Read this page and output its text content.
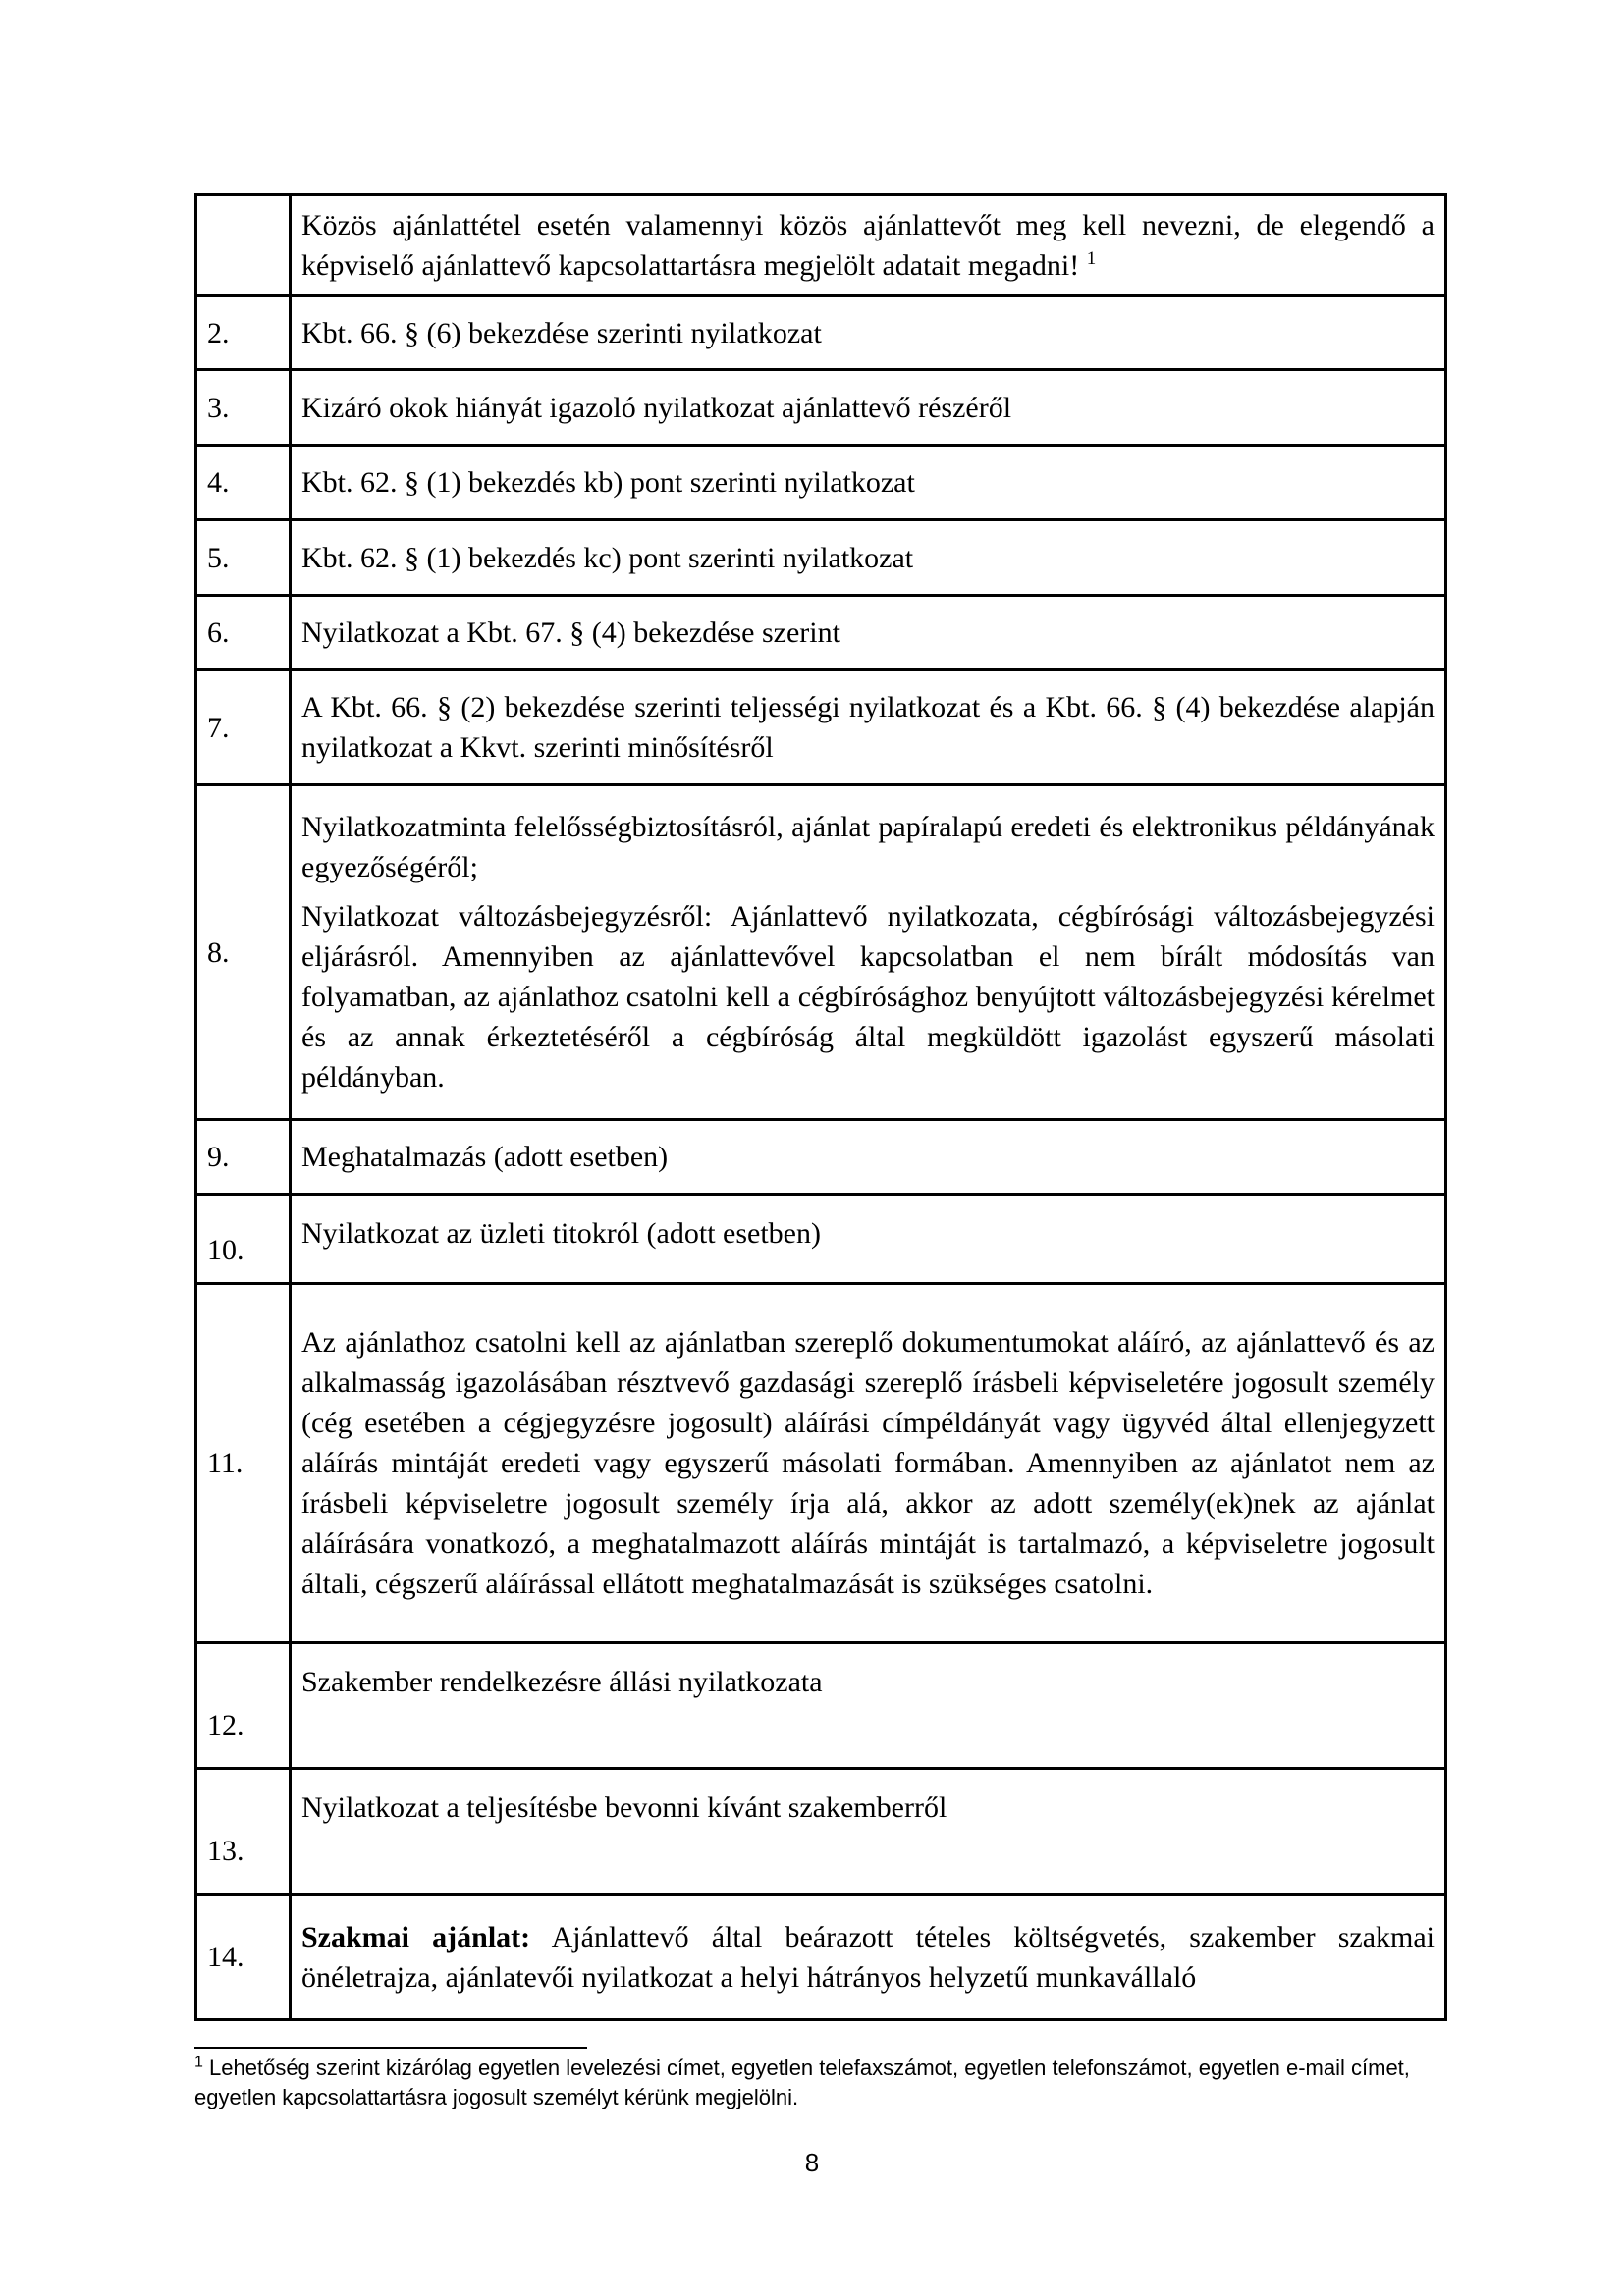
	Közös ajánlattétel esetén valamennyi közös ajánlattevőt meg kell nevezni, de elegendő a képviselő ajánlattevő kapcsolattartásra megjelölt adatait megadni! $^1$
2.	Kbt. 66. § (6) bekezdése szerinti nyilatkozat
3.	Kizáró okok hiányát igazoló nyilatkozat ajánlattevő részéről
4.	Kbt. 62. § (1) bekezdés kb) pont szerinti nyilatkozat
5.	Kbt. 62. § (1) bekezdés kc) pont szerinti nyilatkozat
6.	Nyilatkozat a Kbt. 67. § (4) bekezdése szerint
7.	A Kbt. 66. § (2) bekezdése szerinti teljességi nyilatkozat és a Kbt. 66. § (4) bekezdése alapján nyilatkozat a Kkvt. szerinti minősítésről
8.	Nyilatkozatminta felelősségbiztosításról, ajánlat papíralapú eredeti és elektronikus példányának egyezőségéről;

Nyilatkozat változásbejegyzésről: Ajánlattevő nyilatkozata, cégbírósági változásbejegyzési eljárásról. Amennyiben az ajánlattevővel kapcsolatban el nem bírált módosítás van folyamatban, az ajánlathoz csatolni kell a cégbírósághoz benyújtott változásbejegyzési kérelmet és az annak érkeztetéséről a cégbíróság által megküldött igazolást egyszerű másolati példányban.

9.	Meghatalmazás (adott esetben)
10.	Nyilatkozat az üzleti titokról (adott esetben)
11.	Az ajánlathoz csatolni kell az ajánlatban szereplő dokumentumokat aláíró, az ajánlattevő és az alkalmasság igazolásában résztvevő gazdasági szereplő írásbeli képviseletére jogosult személy (cég esetében a cégjegyzésre jogosult) aláírási címpéldányát vagy ügyvéd által ellenjegyzett aláírás mintáját eredeti vagy egyszerű másolati formában. Amennyiben az ajánlatot nem az írásbeli képviseletre jogosult személy írja alá, akkor az adott személy(ek)nek az ajánlat aláírására vonatkozó, a meghatalmazott aláírás mintáját is tartalmazó, a képviseletre jogosult általi, cégszerű aláírással ellátott meghatalmazását is szükséges csatolni.
12.	Szakember rendelkezésre állási nyilatkozata
13.	Nyilatkozat a teljesítésbe bevonni kívánt szakemberről
14.	Szakmai ajánlat: Ajánlattevő által beárazott tételes költségvetés, szakember szakmai önéletrajza, ajánlatevői nyilatkozat a helyi hátrányos helyzetű munkavállaló
$^1$ Lehetőség szerint kizárólag egyetlen levelezési címet, egyetlen telefaxszámot, egyetlen telefonszámot, egyetlen e-mail címet, egyetlen kapcsolattartásra jogosult személyt kérünk megjelölni.
8
